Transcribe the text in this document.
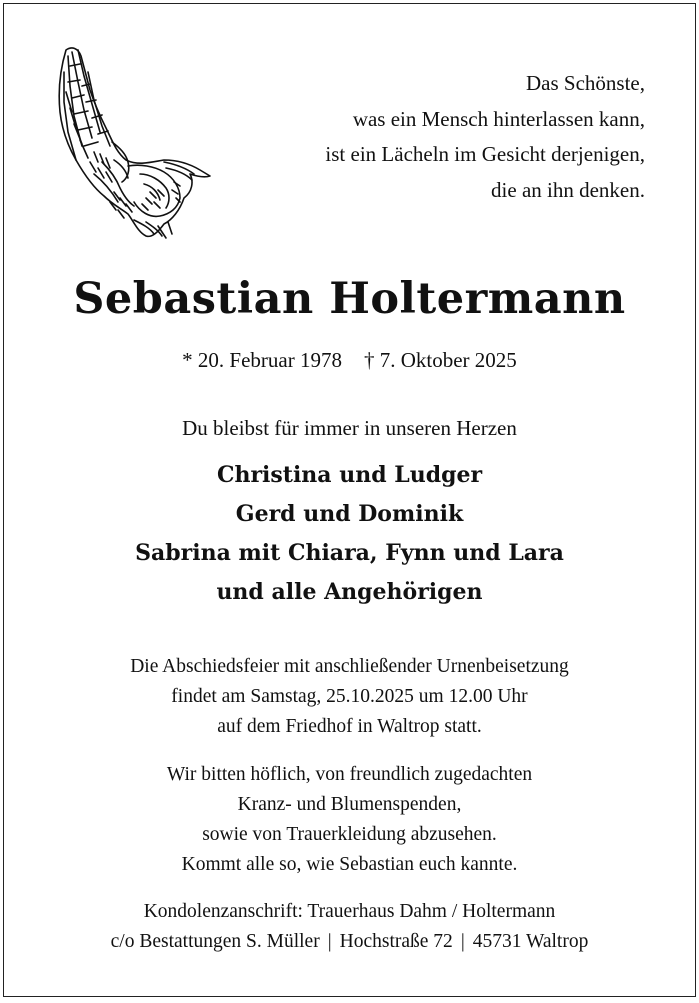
Das Schönste,
was ein Mensch hinterlassen kann,
ist ein Lächeln im Gesicht derjenigen,
die an ihn denken.
Sebastian Holtermann
* 20. Februar 1978 † 7. Oktober 2025
Du bleibst für immer in unseren Herzen
Christina und Ludger
Gerd und Dominik
Sabrina mit Chiara, Fynn und Lara
und alle Angehörigen
Die Abschiedsfeier mit anschließender Urnenbeisetzung
findet am Samstag, 25.10.2025 um 12.00 Uhr
auf dem Friedhof in Waltrop statt.
Wir bitten höflich, von freundlich zugedachten
Kranz- und Blumenspenden,
sowie von Trauerkleidung abzusehen.
Kommt alle so, wie Sebastian euch kannte.
Kondolenzanschrift: Trauerhaus Dahm / Holtermann
c/o Bestattungen S. Müller | Hochstraße 72 | 45731 Waltrop
